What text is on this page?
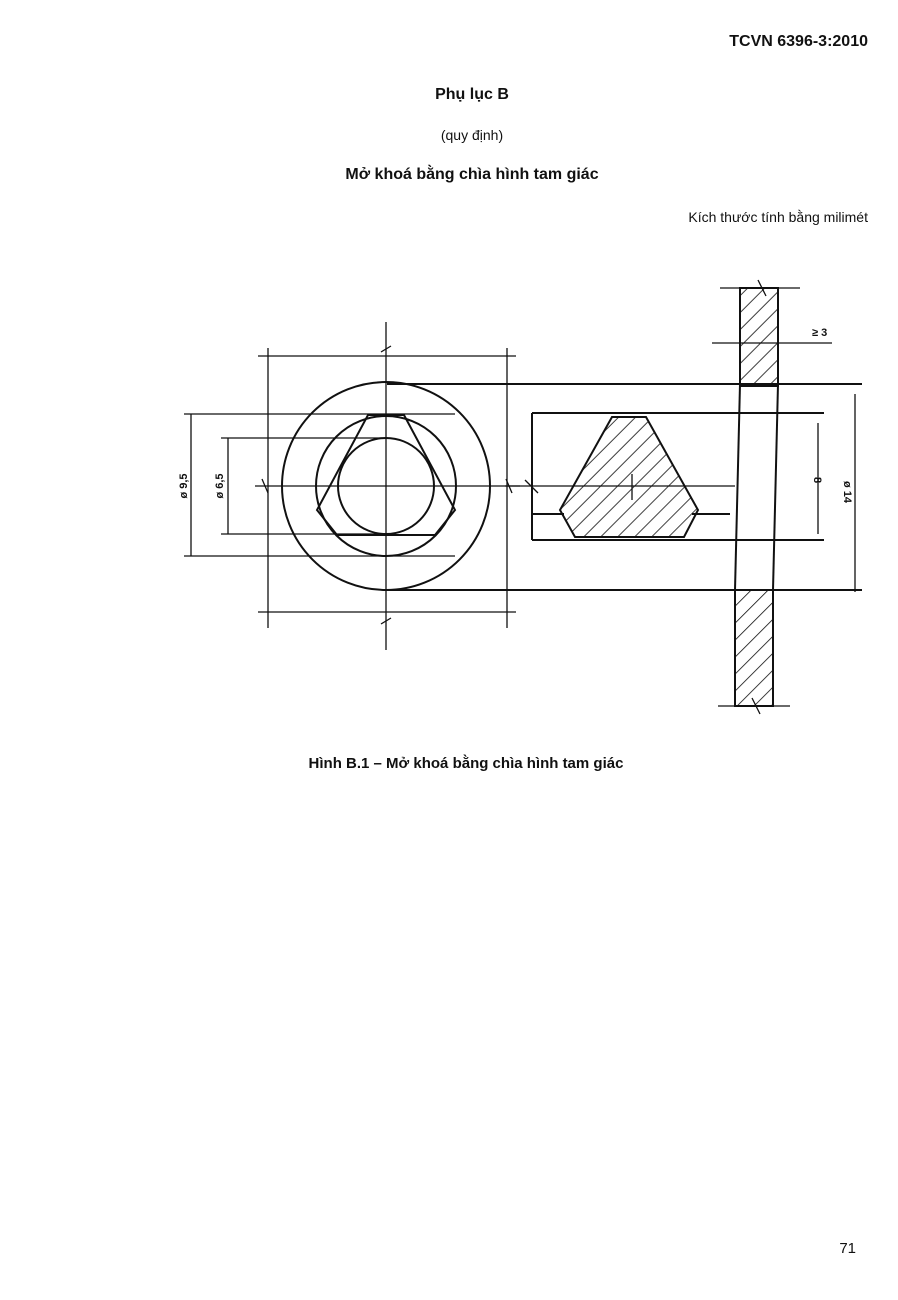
TCVN 6396-3:2010
Phụ lục B
(quy định)
Mở khoá bằng chìa hình tam giác
Kích thước tính bằng milimét
ø 9,5 ø 6,5
≥ 3
8
ø 14
Hình B.1 – Mở khoá bằng chìa hình tam giác
71
